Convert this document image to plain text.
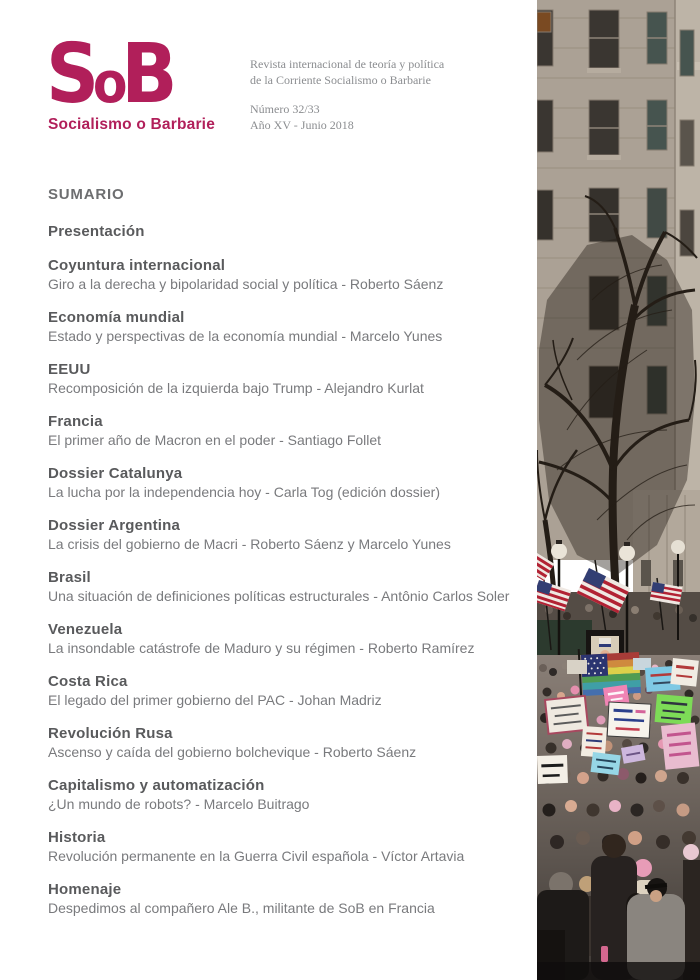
SoB
Socialismo o Barbarie
Revista internacional de teoría y política
de la Corriente Socialismo o Barbarie
Número 32/33
Año XV - Junio 2018
SUMARIO
Presentación
Coyuntura internacional
Giro a la derecha y bipolaridad social y política - Roberto Sáenz
Economía mundial
Estado y perspectivas de la economía mundial - Marcelo Yunes
EEUU
Recomposición de la izquierda bajo Trump - Alejandro Kurlat
Francia
El primer año de Macron en el poder - Santiago Follet
Dossier Catalunya
La lucha por la independencia hoy - Carla Tog (edición dossier)
Dossier Argentina
La crisis del gobierno de Macri - Roberto Sáenz y Marcelo Yunes
Brasil
Una situación de definiciones políticas estructurales - Antônio Carlos Soler
Venezuela
La insondable catástrofe de Maduro y su régimen - Roberto Ramírez
Costa Rica
El legado del primer gobierno del PAC - Johan Madriz
Revolución Rusa
Ascenso y caída del gobierno bolchevique - Roberto Sáenz
Capitalismo y automatización
¿Un mundo de robots? - Marcelo Buitrago
Historia
Revolución permanente en la Guerra Civil española - Víctor Artavia
Homenaje
Despedimos al compañero Ale B., militante de SoB en Francia
